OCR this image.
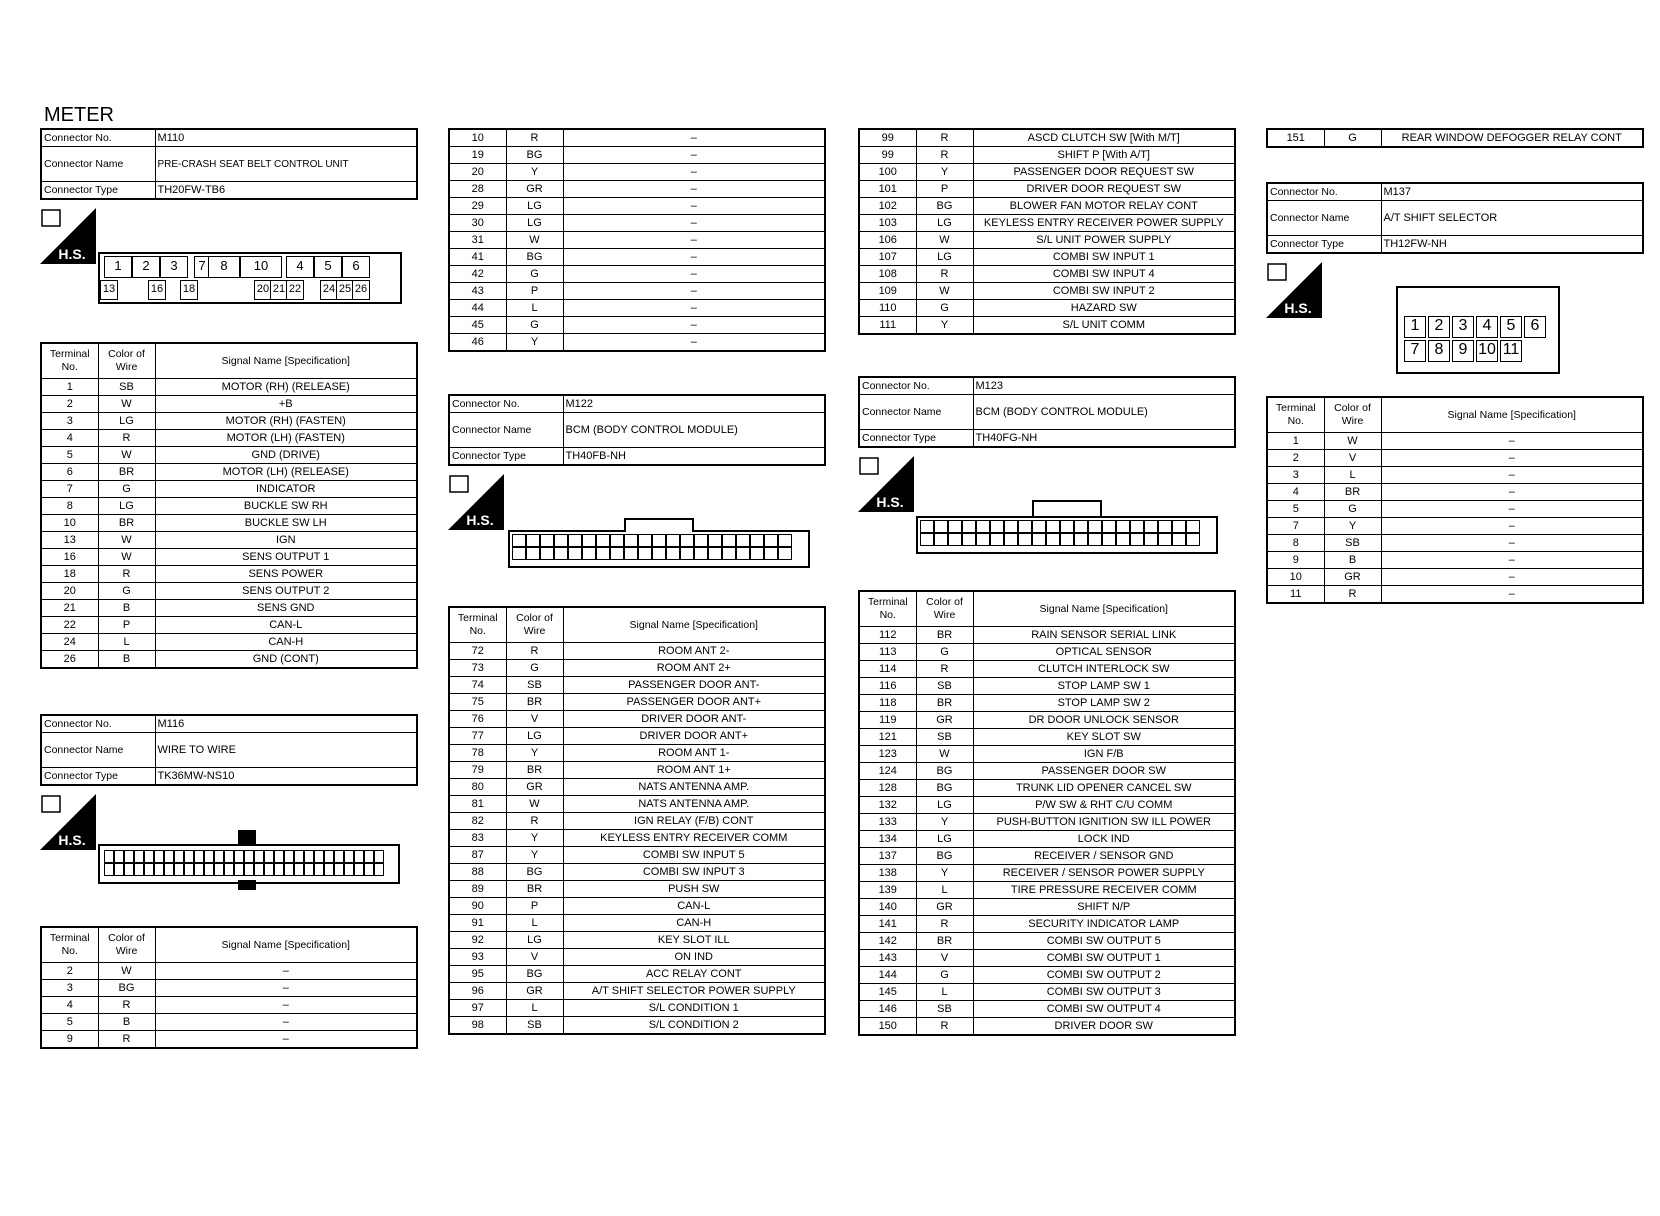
METER
Connector No.	M110
Connector Name	PRE-CRASH SEAT BELT CONTROL UNIT
Connector Type	TH20FW-TB6
H.S.
1	2	3	7	8	10	4	5	6
13	16 18	20 21 22 24 25 26
Terminal No.	Color of Wire	Signal Name [Specification]
1	SB	MOTOR (RH) (RELEASE)
2	W	+B
3	LG	MOTOR (RH) (FASTEN)
4	R	MOTOR (LH) (FASTEN)
5	W	GND (DRIVE)
6	BR	MOTOR (LH) (RELEASE)
7	G	INDICATOR
8	LG	BUCKLE SW RH
10	BR	BUCKLE SW LH
13	W	IGN
16	W	SENS OUTPUT 1
18	R	SENS POWER
20	G	SENS OUTPUT 2
21	B	SENS GND
22	P	CAN-L
24	L	CAN-H
26	B	GND (CONT)
Connector No.	M116
Connector Name	WIRE TO WIRE
Connector Type	TK36MW-NS10
H.S.
Terminal No.	Color of Wire	Signal Name [Specification]
2	W	–
3	BG	–
4	R	–
5	B	–
9	R	–
10	R	–
19	BG	–
20	Y	–
28	GR	–
29	LG	–
30	LG	–
31	W	–
41	BG	–
42	G	–
43	P	–
44	L	–
45	G	–
46	Y	–
Connector No.	M122
Connector Name	BCM (BODY CONTROL MODULE)
Connector Type	TH40FB-NH
H.S.
Terminal No.	Color of Wire	Signal Name [Specification]
72	R	ROOM ANT 2-
73	G	ROOM ANT 2+
74	SB	PASSENGER DOOR ANT-
75	BR	PASSENGER DOOR ANT+
76	V	DRIVER DOOR ANT-
77	LG	DRIVER DOOR ANT+
78	Y	ROOM ANT 1-
79	BR	ROOM ANT 1+
80	GR	NATS ANTENNA AMP.
81	W	NATS ANTENNA AMP.
82	R	IGN RELAY (F/B) CONT
83	Y	KEYLESS ENTRY RECEIVER COMM
87	Y	COMBI SW INPUT 5
88	BG	COMBI SW INPUT 3
89	BR	PUSH SW
90	P	CAN-L
91	L	CAN-H
92	LG	KEY SLOT ILL
93	V	ON IND
95	BG	ACC RELAY CONT
96	GR	A/T SHIFT SELECTOR POWER SUPPLY
97	L	S/L CONDITION 1
98	SB	S/L CONDITION 2
99	R	ASCD CLUTCH SW [With M/T]
99	R	SHIFT P [With A/T]
100	Y	PASSENGER DOOR REQUEST SW
101	P	DRIVER DOOR REQUEST SW
102	BG	BLOWER FAN MOTOR RELAY CONT
103	LG	KEYLESS ENTRY RECEIVER POWER SUPPLY
106	W	S/L UNIT POWER SUPPLY
107	LG	COMBI SW INPUT 1
108	R	COMBI SW INPUT 4
109	W	COMBI SW INPUT 2
110	G	HAZARD SW
111	Y	S/L UNIT COMM
Connector No.	M123
Connector Name	BCM (BODY CONTROL MODULE)
Connector Type	TH40FG-NH
H.S.
Terminal No.	Color of Wire	Signal Name [Specification]
112	BR	RAIN SENSOR SERIAL LINK
113	G	OPTICAL SENSOR
114	R	CLUTCH INTERLOCK SW
116	SB	STOP LAMP SW 1
118	BR	STOP LAMP SW 2
119	GR	DR DOOR UNLOCK SENSOR
121	SB	KEY SLOT SW
123	W	IGN F/B
124	BG	PASSENGER DOOR SW
128	BG	TRUNK LID OPENER CANCEL SW
132	LG	P/W SW & RHT C/U COMM
133	Y	PUSH-BUTTON IGNITION SW ILL POWER
134	LG	LOCK IND
137	BG	RECEIVER / SENSOR GND
138	Y	RECEIVER / SENSOR POWER SUPPLY
139	L	TIRE PRESSURE RECEIVER COMM
140	GR	SHIFT N/P
141	R	SECURITY INDICATOR LAMP
142	BR	COMBI SW OUTPUT 5
143	V	COMBI SW OUTPUT 1
144	G	COMBI SW OUTPUT 2
145	L	COMBI SW OUTPUT 3
146	SB	COMBI SW OUTPUT 4
150	R	DRIVER DOOR SW
151	G	REAR WINDOW DEFOGGER RELAY CONT
Connector No.	M137
Connector Name	A/T SHIFT SELECTOR
Connector Type	TH12FW-NH
H.S.
1 2 3 4 5 6
7 8 9 10 11
Terminal No.	Color of Wire	Signal Name [Specification]
1	W	–
2	V	–
3	L	–
4	BR	–
5	G	–
7	Y	–
8	SB	–
9	B	–
10	GR	–
11	R	–
